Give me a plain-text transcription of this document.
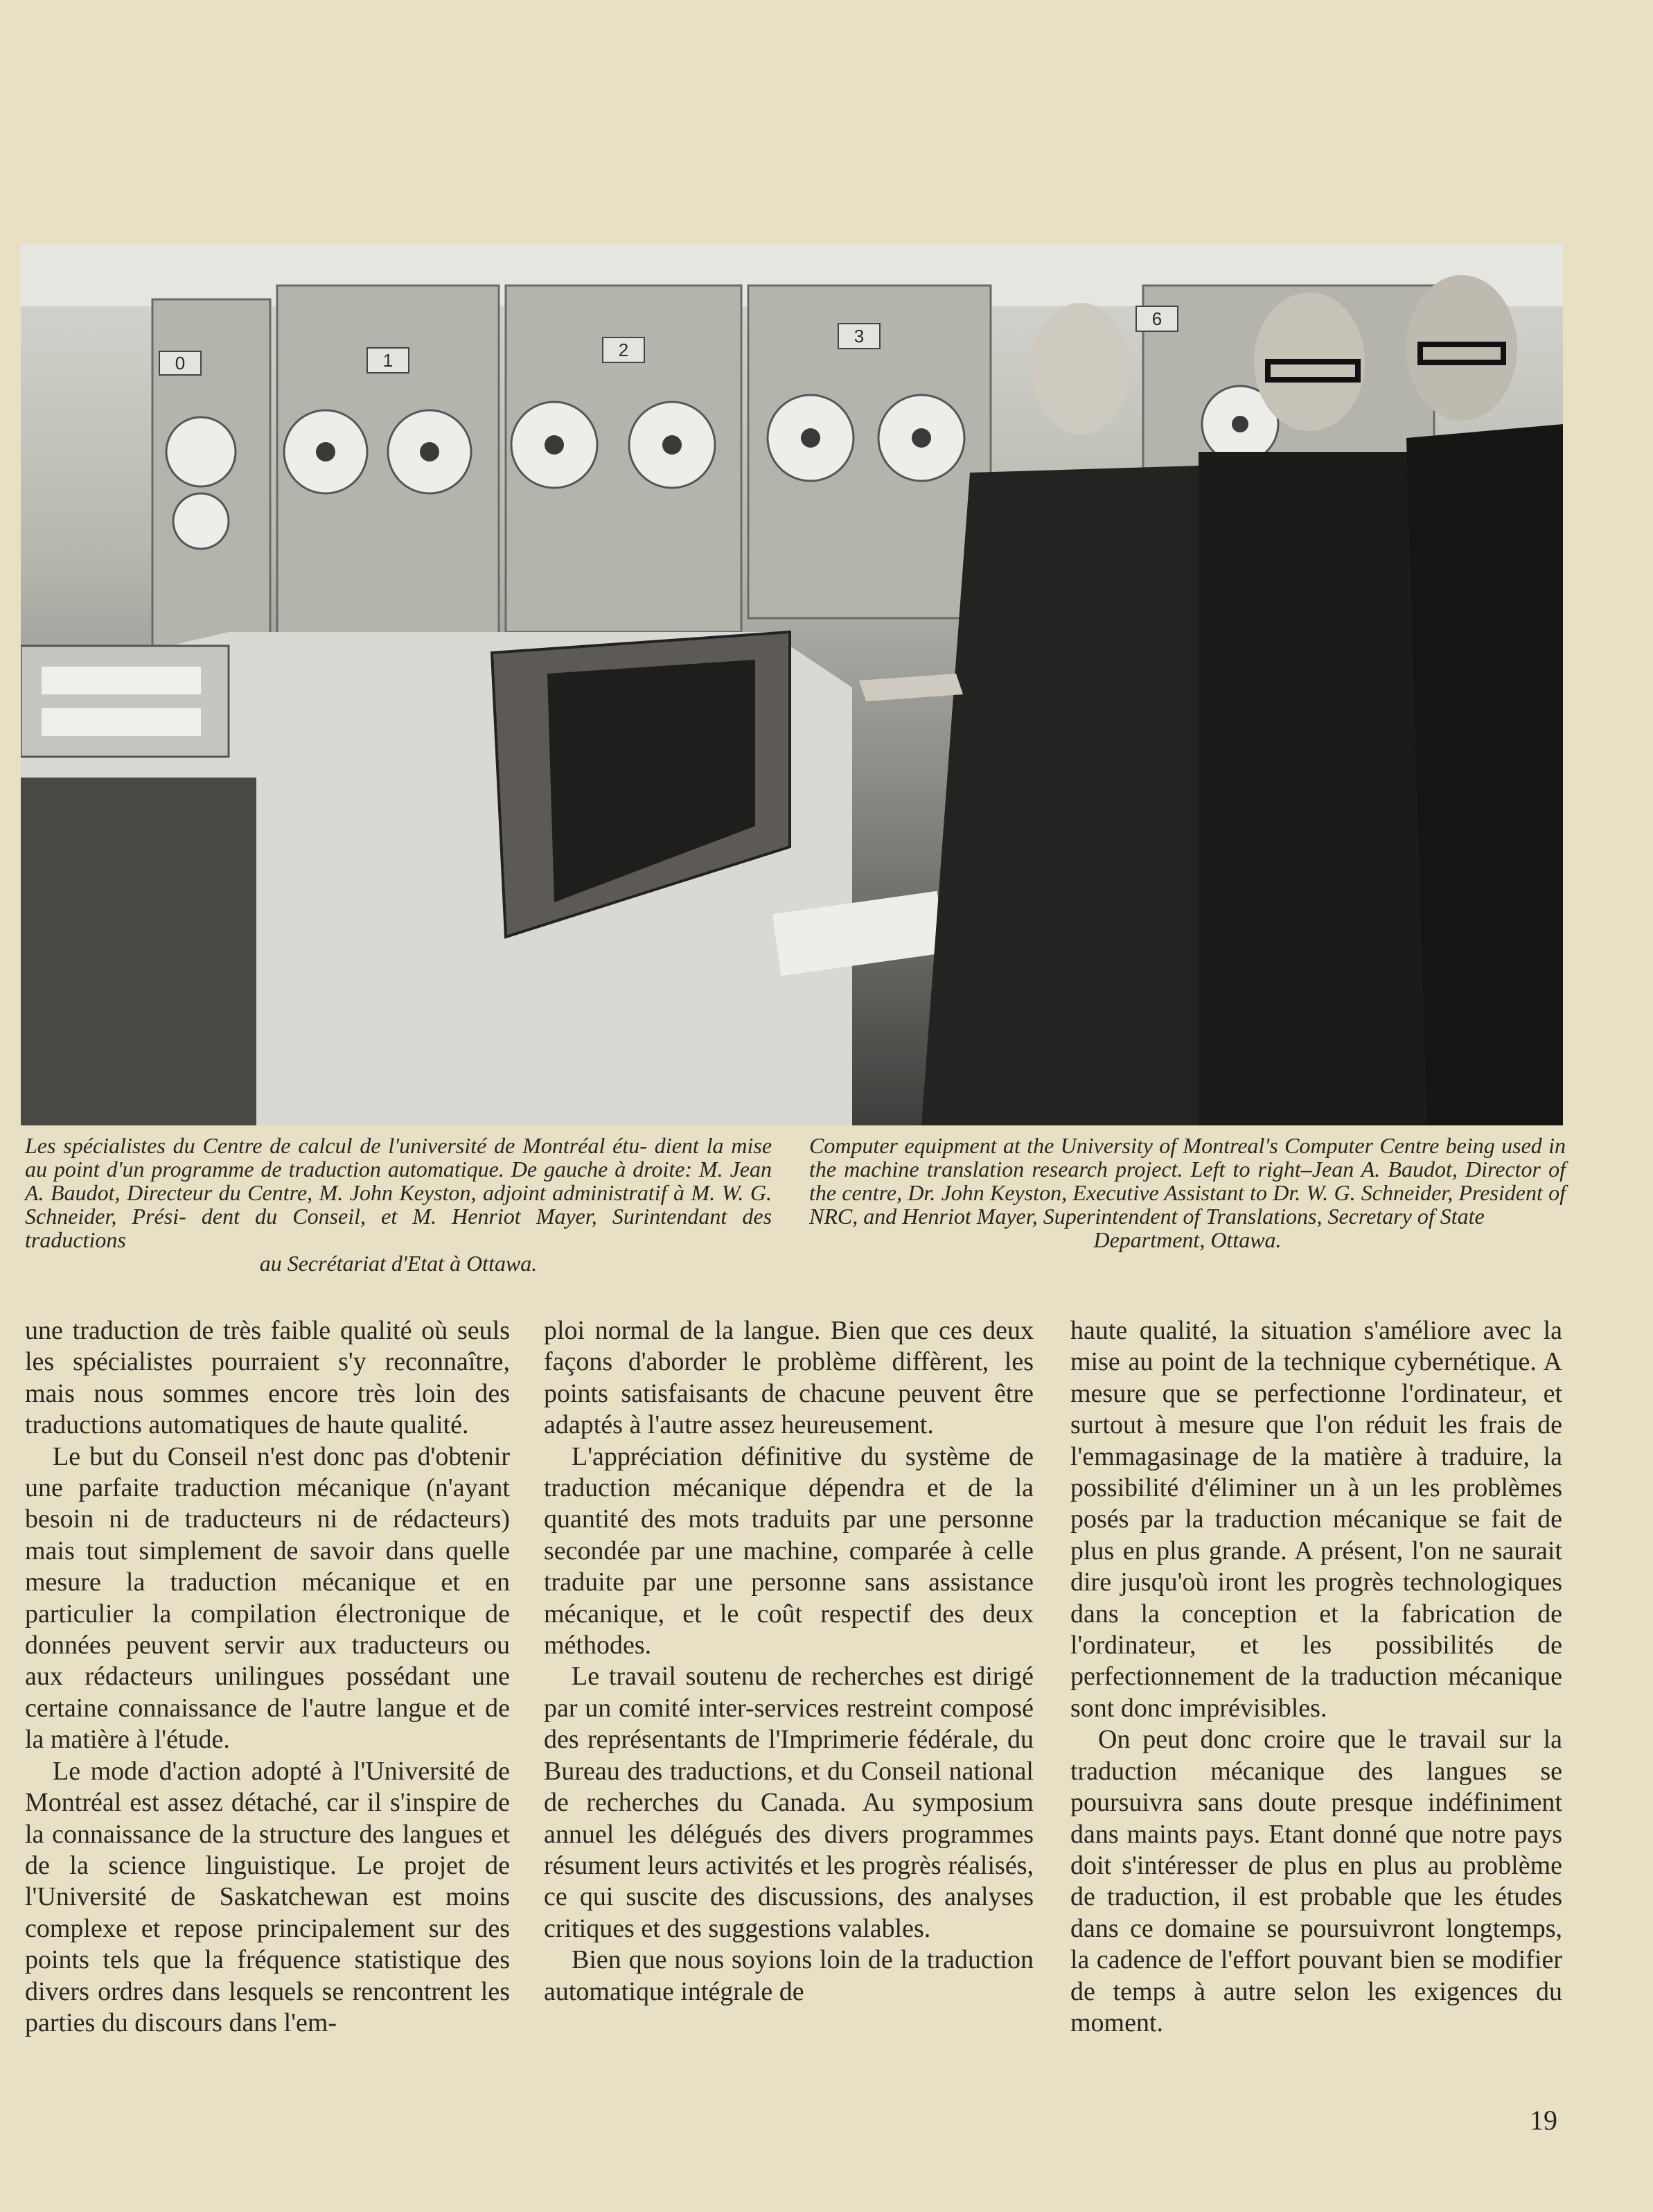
0	1	2
3
6

Les spécialistes du Centre de calcul de l'université de Montréal étu- dient la mise au point d'un programme de traduction automatique. De gauche à droite: M. Jean A. Baudot, Directeur du Centre, M. John Keyston, adjoint administratif à M. W. G. Schneider, Prési- dent du Conseil, et M. Henriot Mayer, Surintendant des traductions
au Secrétariat d'Etat à Ottawa.

Computer equipment at the University of Montreal's Computer Centre being used in the machine translation research project. Left to right–Jean A. Baudot, Director of the centre, Dr. John Keyston, Executive Assistant to Dr. W. G. Schneider, President of NRC, and Henriot Mayer, Superintendent of Translations, Secretary of State
Department, Ottawa.

une traduction de très faible qualité où seuls les spécialistes pourraient s'y reconnaître, mais nous sommes encore très loin des traductions automatiques de haute qualité.

Le but du Conseil n'est donc pas d'obtenir une parfaite traduction mécanique (n'ayant besoin ni de traducteurs ni de rédacteurs) mais tout simplement de savoir dans quelle mesure la traduction mécanique et en particulier la compilation électronique de données peuvent servir aux traducteurs ou aux rédacteurs unilingues possédant une certaine connaissance de l'autre langue et de la matière à l'étude.

Le mode d'action adopté à l'Université de Montréal est assez détaché, car il s'inspire de la connaissance de la structure des langues et de la science linguistique. Le projet de l'Université de Saskatchewan est moins complexe et repose principalement sur des points tels que la fréquence statistique des divers ordres dans lesquels se rencontrent les parties du discours dans l'em-

ploi normal de la langue. Bien que ces deux façons d'aborder le problème diffèrent, les points satisfaisants de chacune peuvent être adaptés à l'autre assez heureusement.

L'appréciation définitive du système de traduction mécanique dépendra et de la quantité des mots traduits par une personne secondée par une machine, comparée à celle traduite par une personne sans assistance mécanique, et le coût respectif des deux méthodes.

Le travail soutenu de recherches est dirigé par un comité inter-services restreint composé des représentants de l'Imprimerie fédérale, du Bureau des traductions, et du Conseil national de recherches du Canada. Au symposium annuel les délégués des divers programmes résument leurs activités et les progrès réalisés, ce qui suscite des discussions, des analyses critiques et des suggestions valables.

Bien que nous soyions loin de la traduction automatique intégrale de

haute qualité, la situation s'améliore avec la mise au point de la technique cybernétique. A mesure que se perfectionne l'ordinateur, et surtout à mesure que l'on réduit les frais de l'emmagasinage de la matière à traduire, la possibilité d'éliminer un à un les problèmes posés par la traduction mécanique se fait de plus en plus grande. A présent, l'on ne saurait dire jusqu'où iront les progrès technologiques dans la conception et la fabrication de l'ordinateur, et les possibilités de perfectionnement de la traduction mécanique sont donc imprévisibles.

On peut donc croire que le travail sur la traduction mécanique des langues se poursuivra sans doute presque indéfiniment dans maints pays. Etant donné que notre pays doit s'intéresser de plus en plus au problème de traduction, il est probable que les études dans ce domaine se poursuivront longtemps, la cadence de l'effort pouvant bien se modifier de temps à autre selon les exigences du moment.

19
